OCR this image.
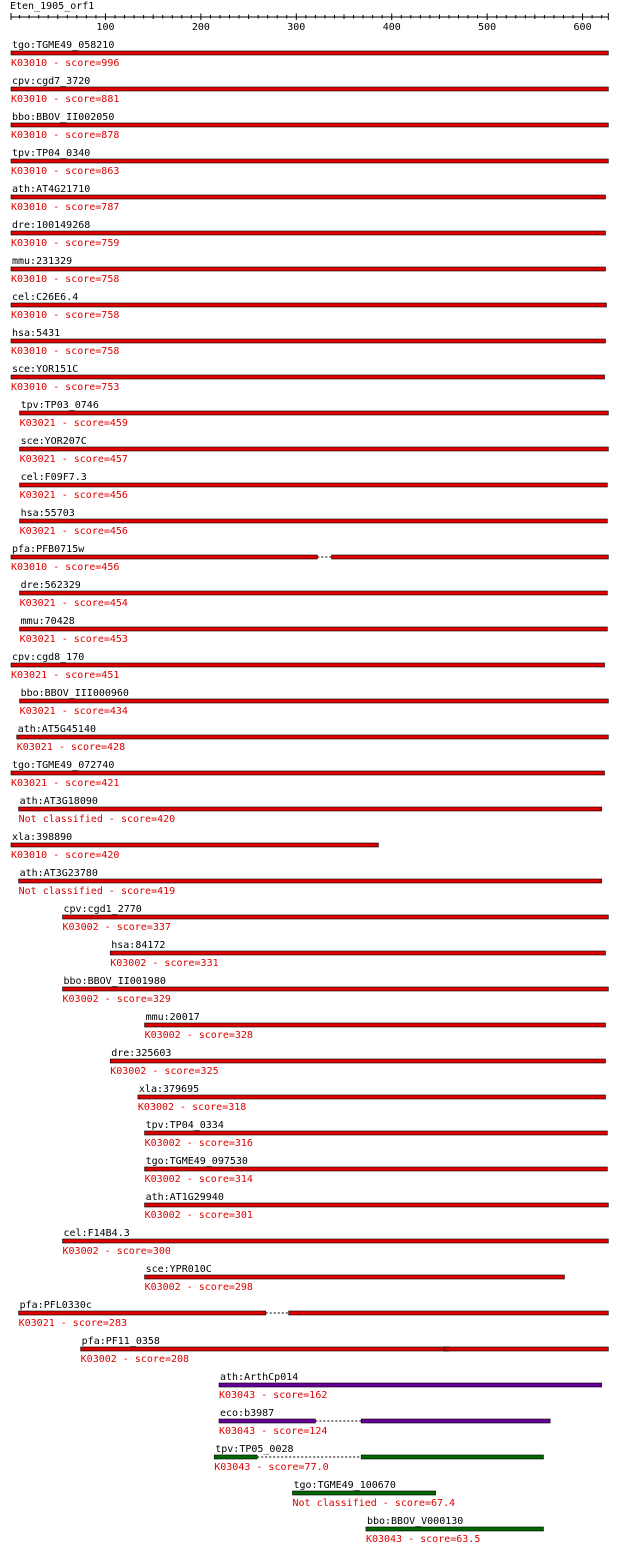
Eten_1905_orf1
100	200	300	400	500	600
tgo:TGME49_058210
K03010 - score=996
cpv:cgd7_3720
K03010 - score=881
bbo:BBOV_II002050
K03010 - score=878
tpv:TP04_0340
K03010 - score=863
ath:AT4G21710
K03010 - score=787
dre:100149268
K03010 - score=759
mmu:231329
K03010 - score=758
cel:C26E6.4
K03010 - score=758
hsa:5431
K03010 - score=758
sce:YOR151C
K03010 - score=753
tpv:TP03_0746
K03021 - score=459
sce:YOR207C
K03021 - score=457
cel:F09F7.3
K03021 - score=456
hsa:55703
K03021 - score=456
pfa:PFB0715w
K03010 - score=456
dre:562329
K03021 - score=454
mmu:70428
K03021 - score=453
cpv:cgd8_170
K03021 - score=451
bbo:BBOV_III000960
K03021 - score=434
ath:AT5G45140
K03021 - score=428
tgo:TGME49_072740
K03021 - score=421
ath:AT3G18090
Not classified - score=420
xla:398890
K03010 - score=420
ath:AT3G23780
Not classified - score=419
cpv:cgd1_2770
K03002 - score=337
hsa:84172
K03002 - score=331
bbo:BBOV_II001980
K03002 - score=329
mmu:20017
K03002 - score=328
dre:325603
K03002 - score=325
xla:379695
K03002 - score=318
tpv:TP04_0334
K03002 - score=316
tgo:TGME49_097530
K03002 - score=314
ath:AT1G29940
K03002 - score=301
cel:F14B4.3
K03002 - score=300
sce:YPR010C
K03002 - score=298
pfa:PFL0330c
K03021 - score=283
pfa:PF11_0358
K03002 - score=208
ath:ArthCp014
K03043 - score=162
eco:b3987
K03043 - score=124
tpv:TP05_0028
K03043 - score=77.0
tgo:TGME49_100670
Not classified - score=67.4
bbo:BBOV_V000130
K03043 - score=63.5
